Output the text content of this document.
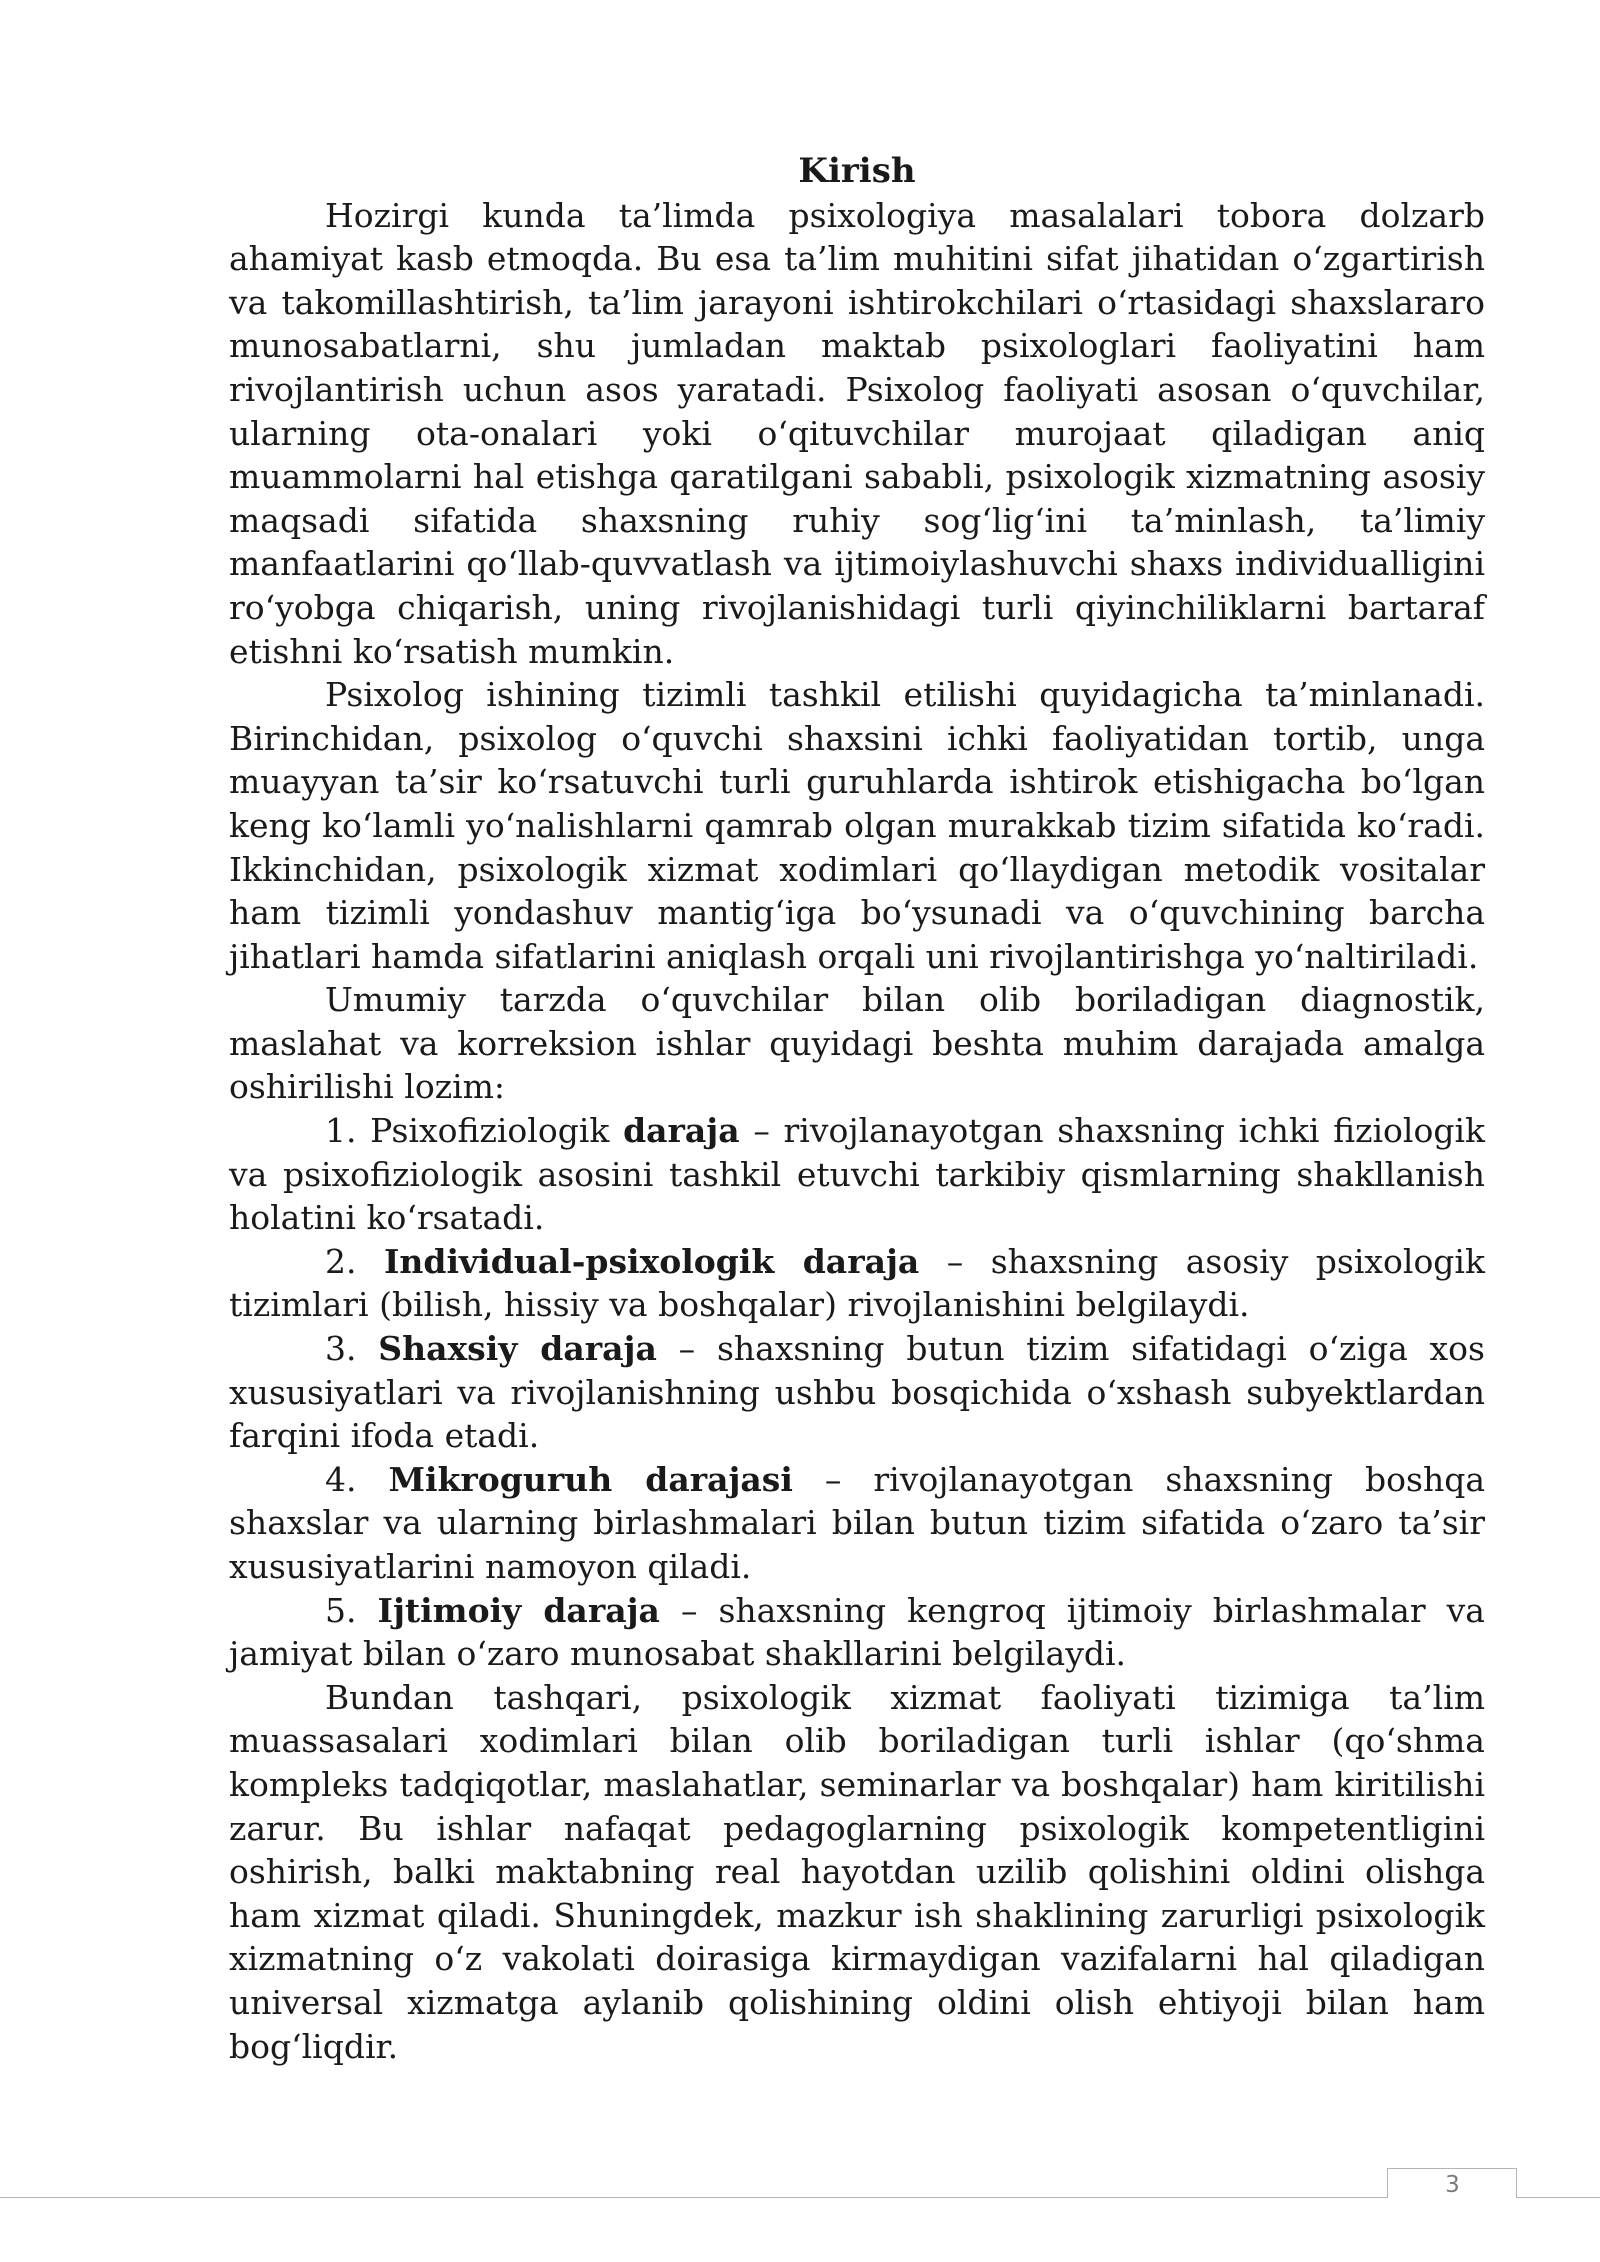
Kirish

Hozirgi kunda ta’limda psixologiya masalalari tobora dolzarb ahamiyat kasb etmoqda. Bu esa ta’lim muhitini sifat jihatidan o‘zgartirish va takomillashtirish, ta’lim jarayoni ishtirokchilari o‘rtasidagi shaxslararo munosabatlarni, shu jumladan maktab psixologlari faoliyatini ham rivojlantirish uchun asos yaratadi. Psixolog faoliyati asosan o‘quvchilar, ularning ota-onalari yoki o‘qituvchilar murojaat qiladigan aniq muammolarni hal etishga qaratilgani sababli, psixologik xizmatning asosiy maqsadi sifatida shaxsning ruhiy sog‘lig‘ini ta’minlash, ta’limiy manfaatlarini qo‘llab-quvvatlash va ijtimoiylashuvchi shaxs individualligini ro‘yobga chiqarish, uning rivojlanishidagi turli qiyinchiliklarni bartaraf etishni ko‘rsatish mumkin.

Psixolog ishining tizimli tashkil etilishi quyidagicha ta’minlanadi. Birinchidan, psixolog o‘quvchi shaxsini ichki faoliyatidan tortib, unga muayyan ta’sir ko‘rsatuvchi turli guruhlarda ishtirok etishigacha bo‘lgan keng ko‘lamli yo‘nalishlarni qamrab olgan murakkab tizim sifatida ko‘radi. Ikkinchidan, psixologik xizmat xodimlari qo‘llaydigan metodik vositalar ham tizimli yondashuv mantig‘iga bo‘ysunadi va o‘quvchining barcha jihatlari hamda sifatlarini aniqlash orqali uni rivojlantirishga yo‘naltiriladi.

Umumiy tarzda o‘quvchilar bilan olib boriladigan diagnostik, maslahat va korreksion ishlar quyidagi beshta muhim darajada amalga oshirilishi lozim:

1. Psixofiziologik daraja – rivojlanayotgan shaxsning ichki fiziologik va psixofiziologik asosini tashkil etuvchi tarkibiy qismlarning shakllanish holatini ko‘rsatadi.

2. Individual-psixologik daraja – shaxsning asosiy psixologik tizimlari (bilish, hissiy va boshqalar) rivojlanishini belgilaydi.

3. Shaxsiy daraja – shaxsning butun tizim sifatidagi o‘ziga xos xususiyatlari va rivojlanishning ushbu bosqichida o‘xshash subyektlardan farqini ifoda etadi.

4. Mikroguruh darajasi – rivojlanayotgan shaxsning boshqa shaxslar va ularning birlashmalari bilan butun tizim sifatida o‘zaro ta’sir xususiyatlarini namoyon qiladi.

5. Ijtimoiy daraja – shaxsning kengroq ijtimoiy birlashmalar va jamiyat bilan o‘zaro munosabat shakllarini belgilaydi.

Bundan tashqari, psixologik xizmat faoliyati tizimiga ta’lim muassasalari xodimlari bilan olib boriladigan turli ishlar (qo‘shma kompleks tadqiqotlar, maslahatlar, seminarlar va boshqalar) ham kiritilishi zarur. Bu ishlar nafaqat pedagoglarning psixologik kompetentligini oshirish, balki maktabning real hayotdan uzilib qolishini oldini olishga ham xizmat qiladi. Shuningdek, mazkur ish shaklining zarurligi psixologik xizmatning o‘z vakolati doirasiga kirmaydigan vazifalarni hal qiladigan universal xizmatga aylanib qolishining oldini olish ehtiyoji bilan ham bog‘liqdir.

3
